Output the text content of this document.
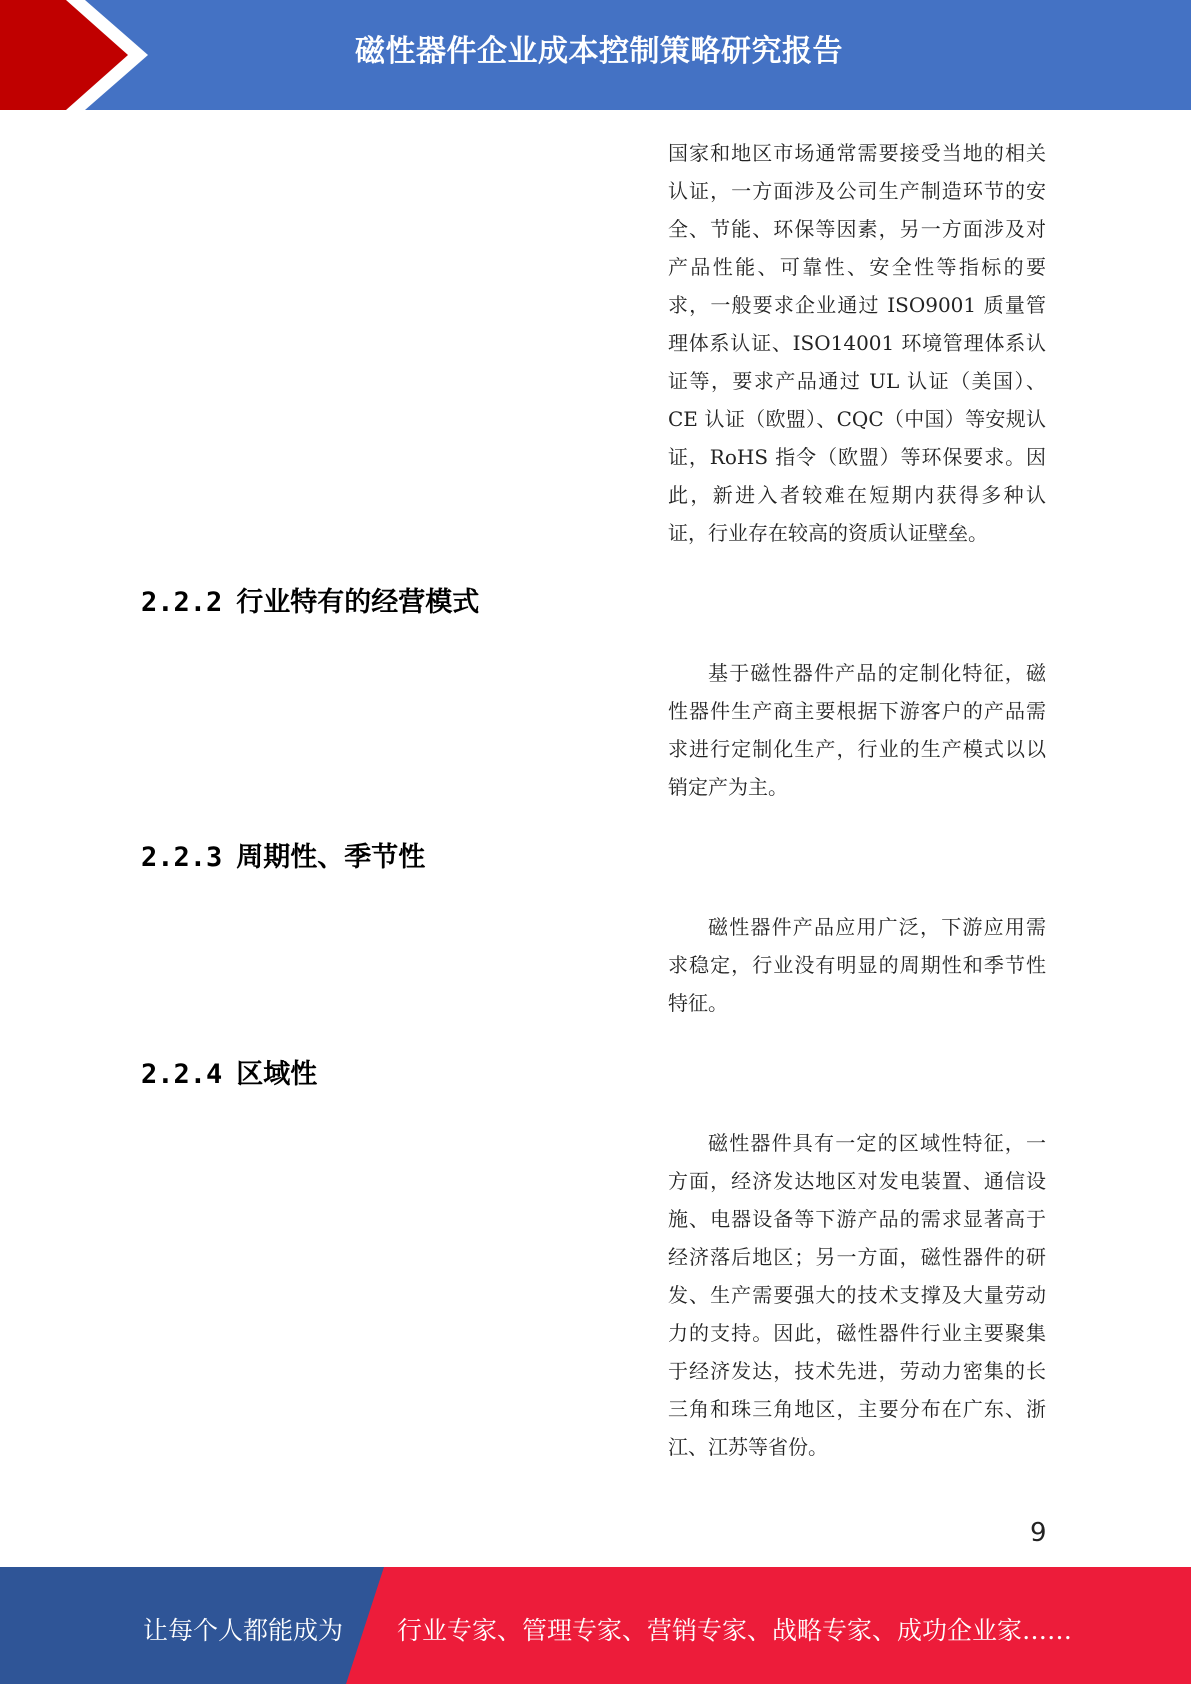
磁性器件企业成本控制策略研究报告

国家和地区市场通常需要接受当地的相关认证，一方面涉及公司生产制造环节的安全、节能、环保等因素，另一方面涉及对产品性能、可靠性、安全性等指标的要求，一般要求企业通过 ISO9001 质量管理体系认证、ISO14001 环境管理体系认证等，要求产品通过 UL 认证（美国）、CE 认证（欧盟）、CQC（中国）等安规认证，RoHS 指令（欧盟）等环保要求。因此，新进入者较难在短期内获得多种认证，行业存在较高的资质认证壁垒。

2.2.2 行业特有的经营模式

基于磁性器件产品的定制化特征，磁性器件生产商主要根据下游客户的产品需求进行定制化生产，行业的生产模式以以销定产为主。

2.2.3 周期性、季节性

磁性器件产品应用广泛，下游应用需求稳定，行业没有明显的周期性和季节性特征。

2.2.4 区域性

磁性器件具有一定的区域性特征，一方面，经济发达地区对发电装置、通信设施、电器设备等下游产品的需求显著高于经济落后地区；另一方面，磁性器件的研发、生产需要强大的技术支撑及大量劳动力的支持。因此，磁性器件行业主要聚集于经济发达，技术先进，劳动力密集的长三角和珠三角地区，主要分布在广东、浙江、江苏等省份。

9
让每个人都能成为 行业专家、管理专家、营销专家、战略专家、成功企业家……
